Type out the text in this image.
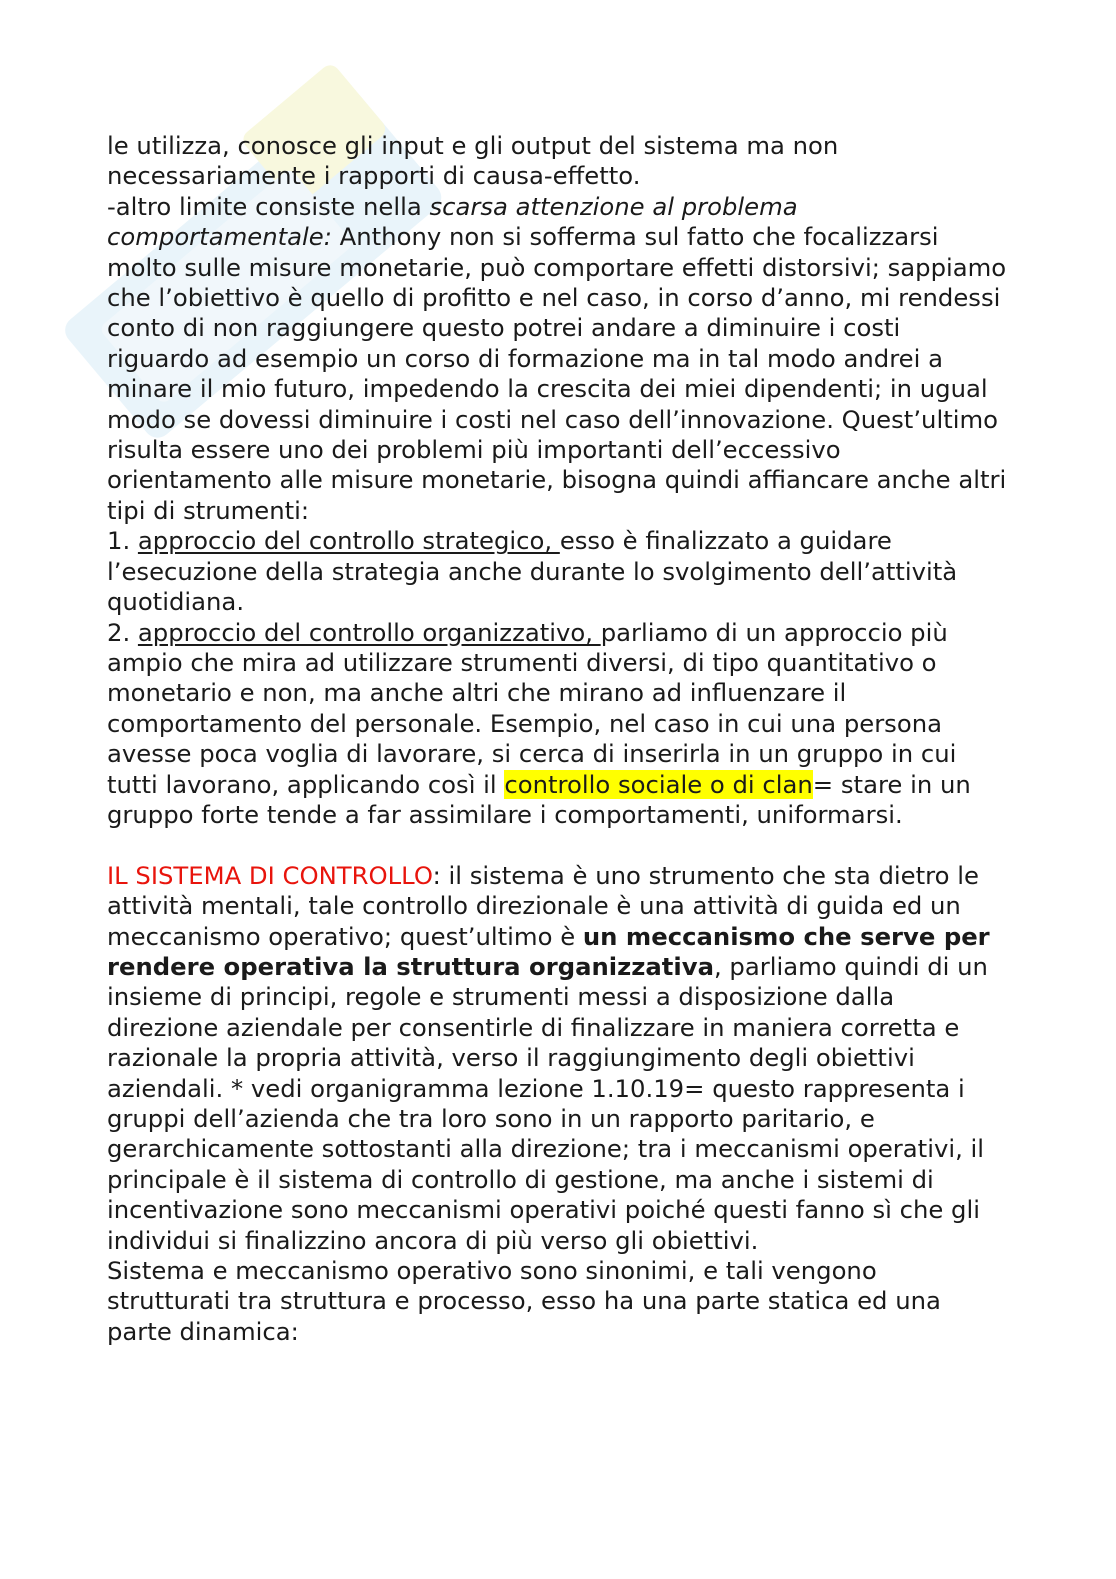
le utilizza, conosce gli input e gli output del sistema ma non necessariamente i rapporti di causa-effetto.

-altro limite consiste nella scarsa attenzione al problema comportamentale: Anthony non si sofferma sul fatto che focalizzarsi molto sulle misure monetarie, può comportare effetti distorsivi; sappiamo che l’obiettivo è quello di profitto e nel caso, in corso d’anno, mi rendessi conto di non raggiungere questo potrei andare a diminuire i costi riguardo ad esempio un corso di formazione ma in tal modo andrei a minare il mio futuro, impedendo la crescita dei miei dipendenti; in ugual modo se dovessi diminuire i costi nel caso dell’innovazione. Quest’ultimo risulta essere uno dei problemi più importanti dell’eccessivo orientamento alle misure monetarie, bisogna quindi affiancare anche altri tipi di strumenti:

1. approccio del controllo strategico, esso è finalizzato a guidare l’esecuzione della strategia anche durante lo svolgimento dell’attività quotidiana.

2. approccio del controllo organizzativo, parliamo di un approccio più ampio che mira ad utilizzare strumenti diversi, di tipo quantitativo o monetario e non, ma anche altri che mirano ad influenzare il comportamento del personale. Esempio, nel caso in cui una persona avesse poca voglia di lavorare, si cerca di inserirla in un gruppo in cui tutti lavorano, applicando così il controllo sociale o di clan= stare in un gruppo forte tende a far assimilare i comportamenti, uniformarsi.

IL SISTEMA DI CONTROLLO: il sistema è uno strumento che sta dietro le attività mentali, tale controllo direzionale è una attività di guida ed un meccanismo operativo; quest’ultimo è un meccanismo che serve per rendere operativa la struttura organizzativa, parliamo quindi di un insieme di principi, regole e strumenti messi a disposizione dalla direzione aziendale per consentirle di finalizzare in maniera corretta e razionale la propria attività, verso il raggiungimento degli obiettivi aziendali. * vedi organigramma lezione 1.10.19= questo rappresenta i gruppi dell’azienda che tra loro sono in un rapporto paritario, e gerarchicamente sottostanti alla direzione; tra i meccanismi operativi, il principale è il sistema di controllo di gestione, ma anche i sistemi di incentivazione sono meccanismi operativi poiché questi fanno sì che gli individui si finalizzino ancora di più verso gli obiettivi.

Sistema e meccanismo operativo sono sinonimi, e tali vengono strutturati tra struttura e processo, esso ha una parte statica ed una parte dinamica:
